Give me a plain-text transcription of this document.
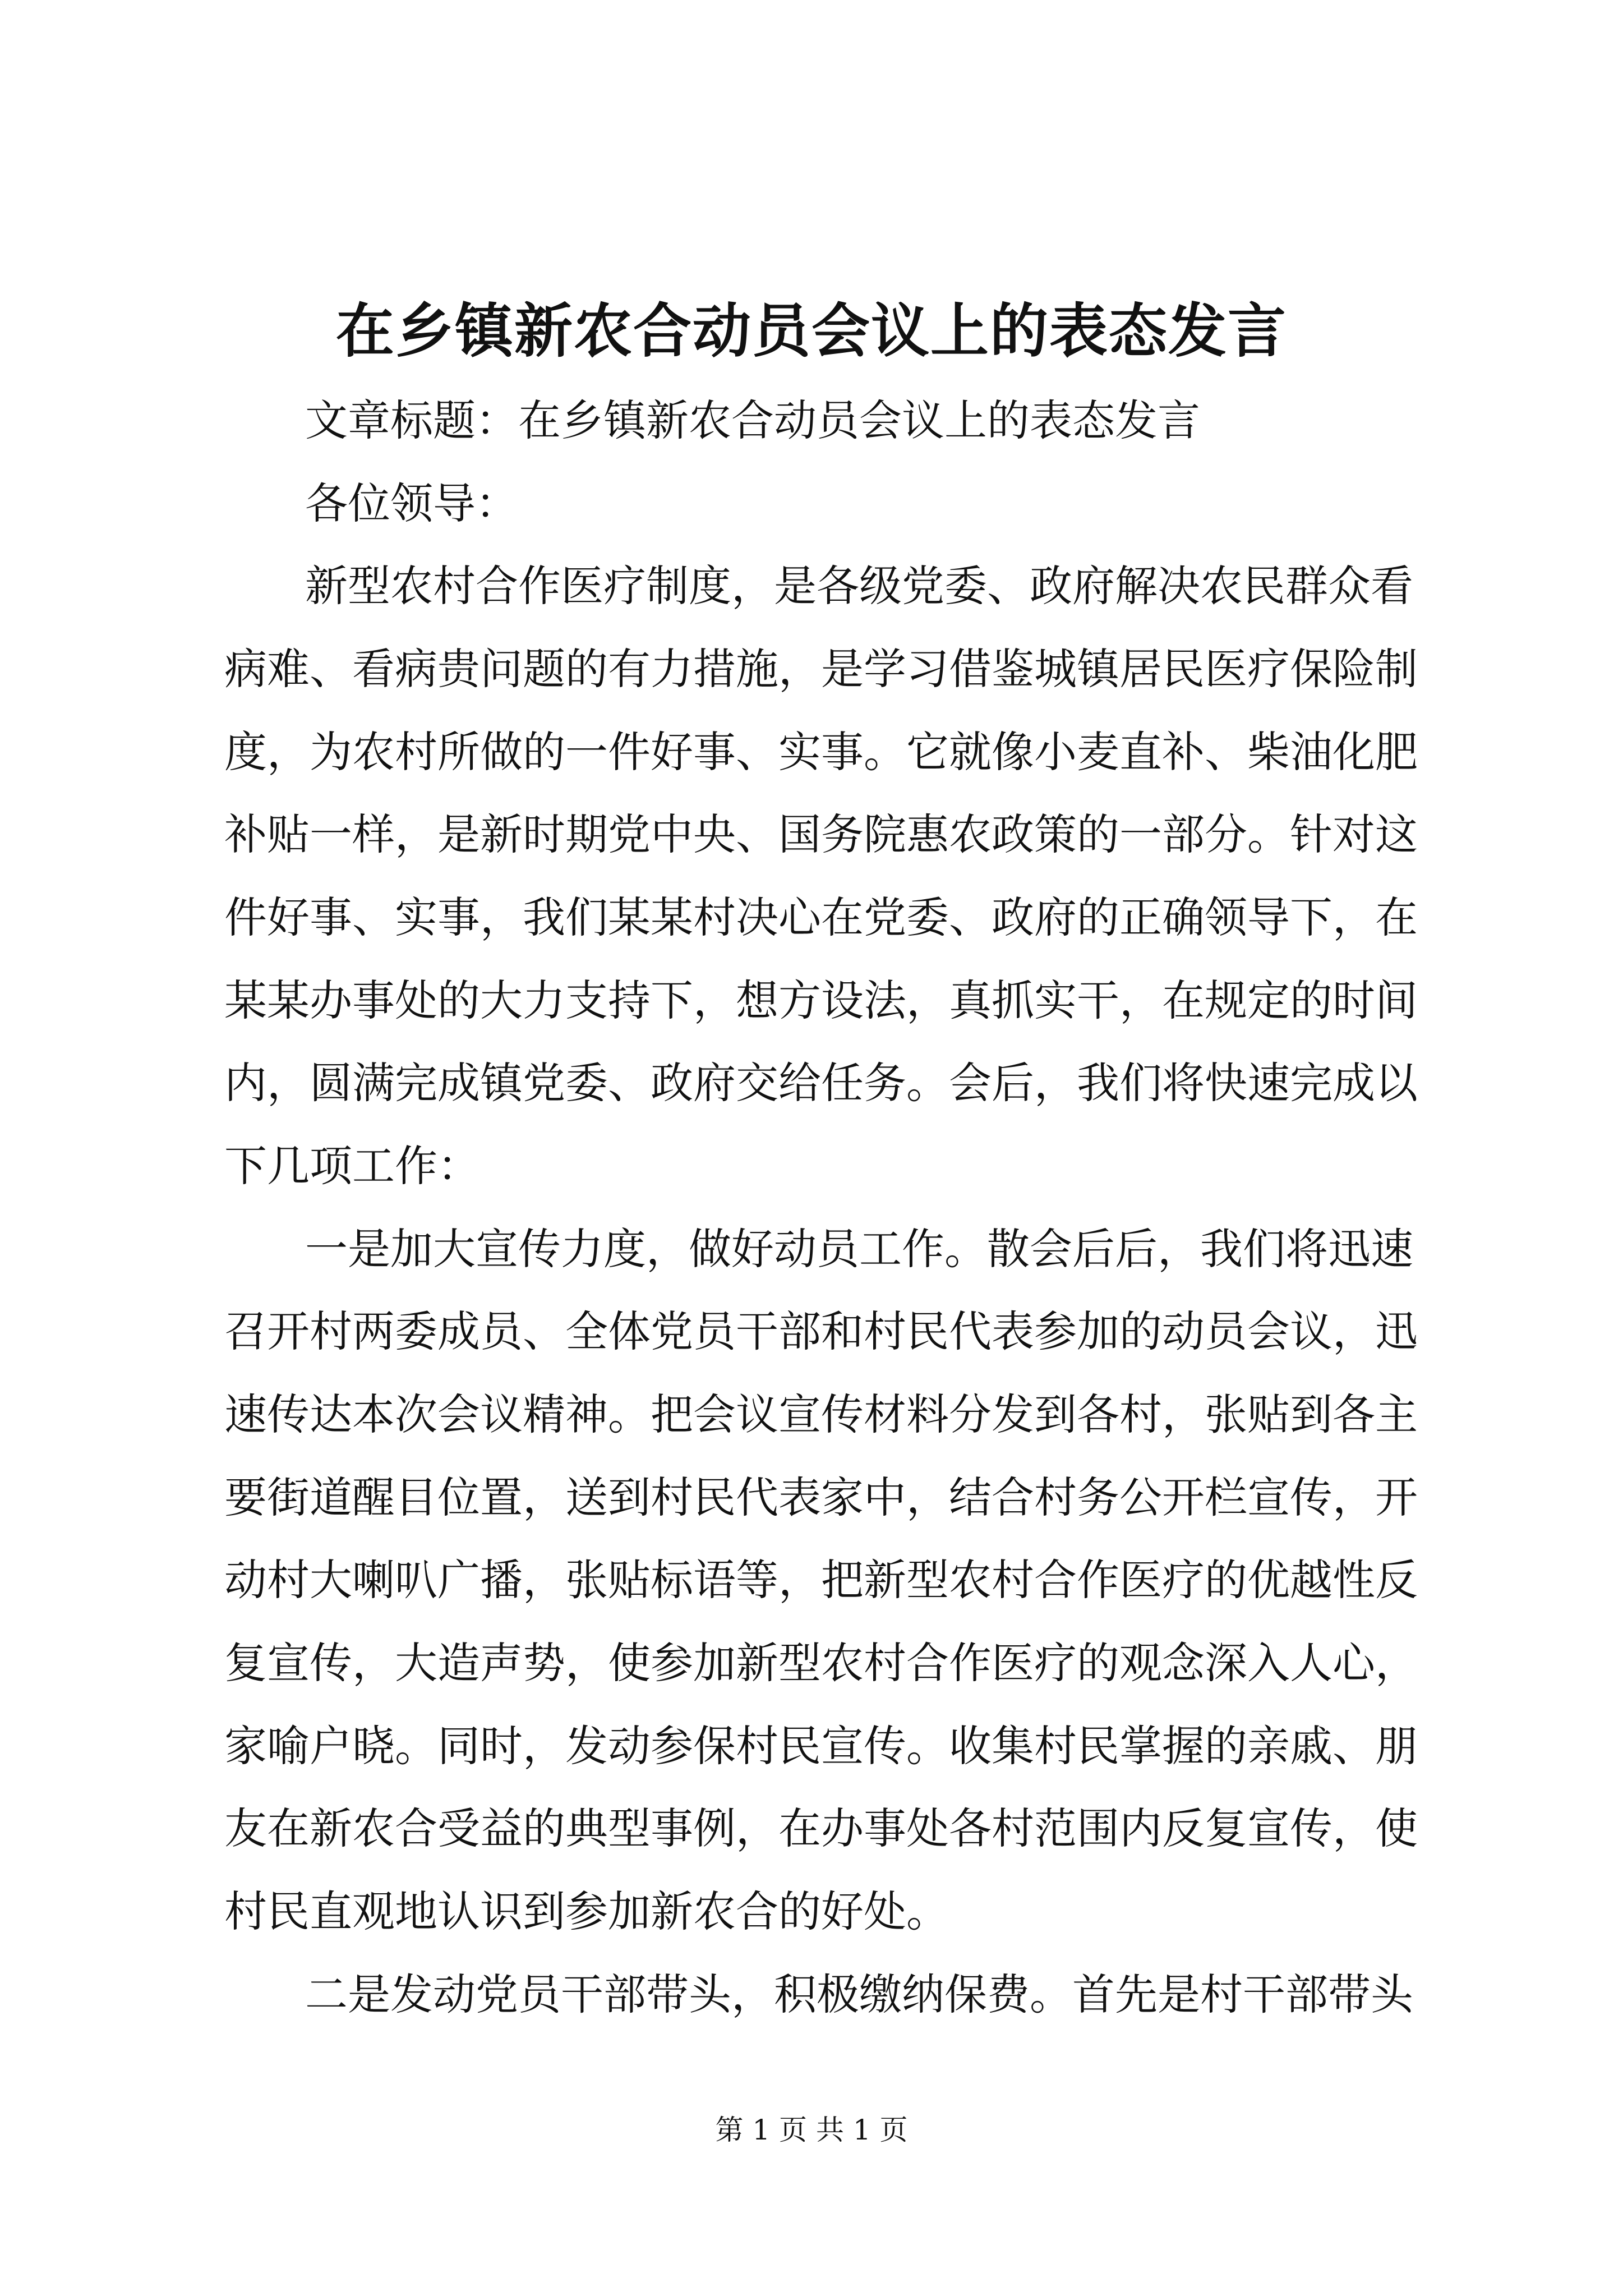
在乡镇新农合动员会议上的表态发言
文章标题：在乡镇新农合动员会议上的表态发言
各位领导：
新型农村合作医疗制度，是各级党委、政府解决农民群众看
病难、看病贵问题的有力措施，是学习借鉴城镇居民医疗保险制
度，为农村所做的一件好事、实事。它就像小麦直补、柴油化肥
补贴一样，是新时期党中央、国务院惠农政策的一部分。针对这
件好事、实事，我们某某村决心在党委、政府的正确领导下，在
某某办事处的大力支持下，想方设法，真抓实干，在规定的时间
内，圆满完成镇党委、政府交给任务。会后，我们将快速完成以
下几项工作：
一是加大宣传力度，做好动员工作。散会后后，我们将迅速
召开村两委成员、全体党员干部和村民代表参加的动员会议，迅
速传达本次会议精神。把会议宣传材料分发到各村，张贴到各主
要街道醒目位置，送到村民代表家中，结合村务公开栏宣传，开
动村大喇叭广播，张贴标语等，把新型农村合作医疗的优越性反
复宣传，大造声势，使参加新型农村合作医疗的观念深入人心，
家喻户晓。同时，发动参保村民宣传。收集村民掌握的亲戚、朋
友在新农合受益的典型事例，在办事处各村范围内反复宣传，使
村民直观地认识到参加新农合的好处。
二是发动党员干部带头，积极缴纳保费。首先是村干部带头
第 1 页 共 1 页
